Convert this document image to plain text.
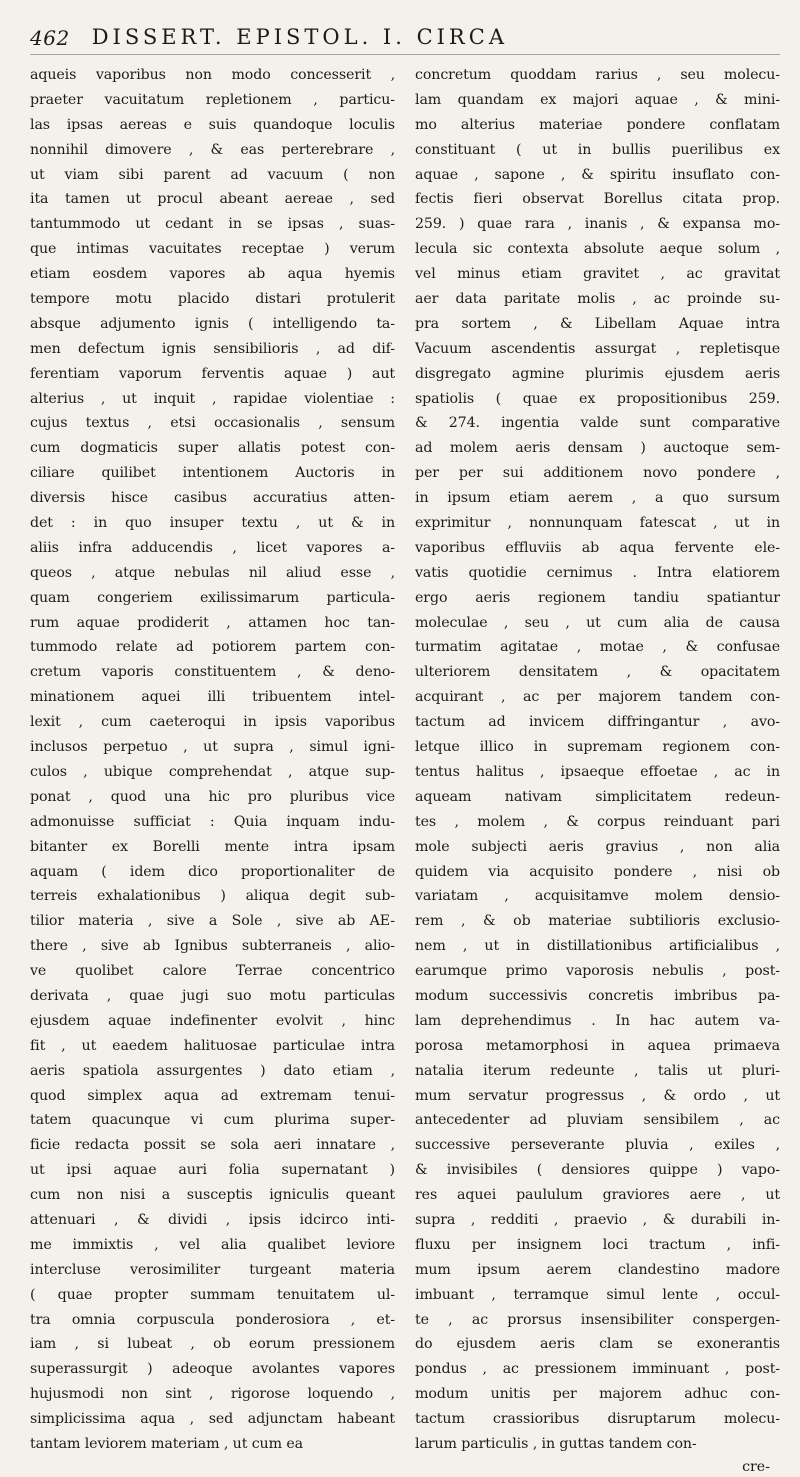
462 DISSERT. EPISTOL. I. CIRCA
aqueis vaporibus non modo concesserit ,
praeter vacuitatum repletionem , particu-
las ipsas aereas e suis quandoque loculis
nonnihil dimovere , & eas perterebrare ,
ut viam sibi parent ad vacuum ( non
ita tamen ut procul abeant aereae , sed
tantummodo ut cedant in se ipsas , suas-
que intimas vacuitates receptae ) verum
etiam eosdem vapores ab aqua hyemis
tempore motu placido distari protulerit
absque adjumento ignis ( intelligendo ta-
men defectum ignis sensibilioris , ad dif-
ferentiam vaporum ferventis aquae ) aut
alterius , ut inquit , rapidae violentiae :
cujus textus , etsi occasionalis , sensum
cum dogmaticis super allatis potest con-
ciliare quilibet intentionem Auctoris in
diversis hisce casibus accuratius atten-
det : in quo insuper textu , ut & in
aliis infra adducendis , licet vapores a-
queos , atque nebulas nil aliud esse ,
quam congeriem exilissimarum particula-
rum aquae prodiderit , attamen hoc tan-
tummodo relate ad potiorem partem con-
cretum vaporis constituentem , & deno-
minationem aquei illi tribuentem intel-
lexit , cum caeteroqui in ipsis vaporibus
inclusos perpetuo , ut supra , simul igni-
culos , ubique comprehendat , atque sup-
ponat , quod una hic pro pluribus vice
admonuisse sufficiat : Quia inquam indu-
bitanter ex Borelli mente intra ipsam
aquam ( idem dico proportionaliter de
terreis exhalationibus ) aliqua degit sub-
tilior materia , sive a Sole , sive ab AE-
there , sive ab Ignibus subterraneis , alio-
ve quolibet calore Terrae concentrico
derivata , quae jugi suo motu particulas
ejusdem aquae indefinenter evolvit , hinc
fit , ut eaedem halituosae particulae intra
aeris spatiola assurgentes ) dato etiam ,
quod simplex aqua ad extremam tenui-
tatem quacunque vi cum plurima super-
ficie redacta possit se sola aeri innatare ,
ut ipsi aquae auri folia supernatant )
cum non nisi a susceptis igniculis queant
attenuari , & dividi , ipsis idcirco inti-
me immixtis , vel alia qualibet leviore
intercluse verosimiliter turgeant materia
( quae propter summam tenuitatem ul-
tra omnia corpuscula ponderosiora , et-
iam , si lubeat , ob eorum pressionem
superassurgit ) adeoque avolantes vapores
hujusmodi non sint , rigorose loquendo ,
simplicissima aqua , sed adjunctam habeant
tantam leviorem materiam , ut cum ea
concretum quoddam rarius , seu molecu-
lam quandam ex majori aquae , & mini-
mo alterius materiae pondere conflatam
constituant ( ut in bullis puerilibus ex
aquae , sapone , & spiritu insuflato con-
fectis fieri observat Borellus citata prop.
259. ) quae rara , inanis , & expansa mo-
lecula sic contexta absolute aeque solum ,
vel minus etiam gravitet , ac gravitat
aer data paritate molis , ac proinde su-
pra sortem , & Libellam Aquae intra
Vacuum ascendentis assurgat , repletisque
disgregato agmine plurimis ejusdem aeris
spatiolis ( quae ex propositionibus 259.
& 274. ingentia valde sunt comparative
ad molem aeris densam ) auctoque sem-
per per sui additionem novo pondere ,
in ipsum etiam aerem , a quo sursum
exprimitur , nonnunquam fatescat , ut in
vaporibus effluviis ab aqua fervente ele-
vatis quotidie cernimus . Intra elatiorem
ergo aeris regionem tandiu spatiantur
moleculae , seu , ut cum alia de causa
turmatim agitatae , motae , & confusae
ulteriorem densitatem , & opacitatem
acquirant , ac per majorem tandem con-
tactum ad invicem diffringantur , avo-
letque illico in supremam regionem con-
tentus halitus , ipsaeque effoetae , ac in
aqueam nativam simplicitatem redeun-
tes , molem , & corpus reinduant pari
mole subjecti aeris gravius , non alia
quidem via acquisito pondere , nisi ob
variatam , acquisitamve molem densio-
rem , & ob materiae subtilioris exclusio-
nem , ut in distillationibus artificialibus ,
earumque primo vaporosis nebulis , post-
modum successivis concretis imbribus pa-
lam deprehendimus . In hac autem va-
porosa metamorphosi in aquea primaeva
natalia iterum redeunte , talis ut pluri-
mum servatur progressus , & ordo , ut
antecedenter ad pluviam sensibilem , ac
successive perseverante pluvia , exiles ,
& invisibiles ( densiores quippe ) vapo-
res aquei paululum graviores aere , ut
supra , redditi , praevio , & durabili in-
fluxu per insignem loci tractum , infi-
mum ipsum aerem clandestino madore
imbuant , terramque simul lente , occul-
te , ac prorsus insensibiliter conspergen-
do ejusdem aeris clam se exonerantis
pondus , ac pressionem imminuant , post-
modum unitis per majorem adhuc con-
tactum crassioribus disruptarum molecu-
larum particulis , in guttas tandem con-
cre-
